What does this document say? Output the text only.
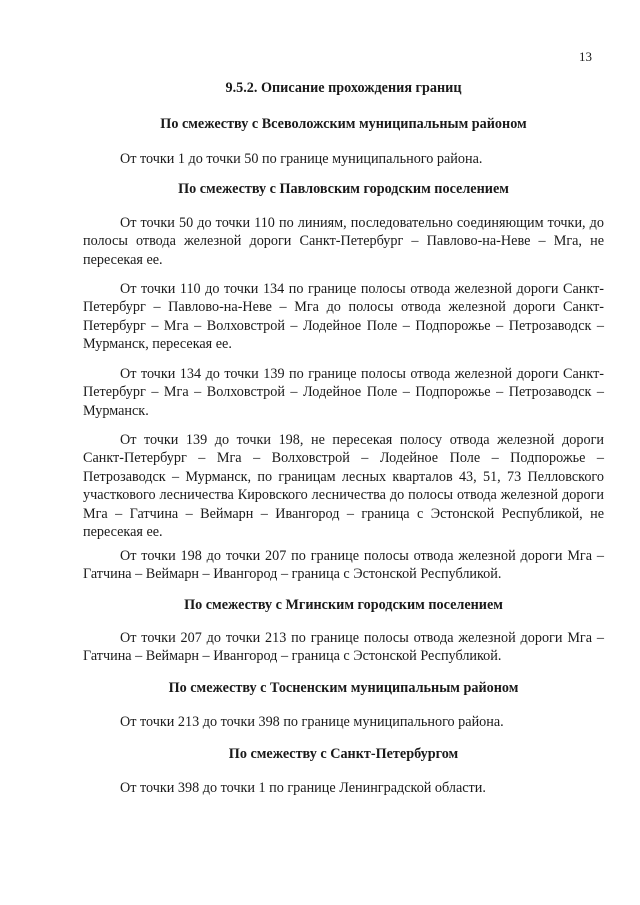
13
9.5.2. Описание прохождения границ
По смежеству с Всеволожским муниципальным районом
От точки 1 до точки 50 по границе муниципального района.
По смежеству с Павловским городским поселением
От точки 50 до точки 110 по линиям, последовательно соединяющим точки, до полосы отвода железной дороги Санкт-Петербург – Павлово-на-Неве – Мга, не пересекая ее.
От точки 110 до точки 134 по границе полосы отвода железной дороги Санкт-Петербург – Павлово-на-Неве – Мга до полосы отвода железной дороги Санкт-Петербург – Мга – Волховстрой – Лодейное Поле – Подпорожье – Петрозаводск – Мурманск, пересекая ее.
От точки 134 до точки 139 по границе полосы отвода железной дороги Санкт-Петербург – Мга – Волховстрой – Лодейное Поле – Подпорожье – Петрозаводск – Мурманск.
От точки 139 до точки 198, не пересекая полосу отвода железной дороги Санкт-Петербург – Мга – Волховстрой – Лодейное Поле – Подпорожье – Петрозаводск – Мурманск, по границам лесных кварталов 43, 51, 73 Пелловского участкового лесничества Кировского лесничества до полосы отвода железной дороги Мга – Гатчина – Веймарн – Ивангород – граница с Эстонской Республикой, не пересекая ее.
От точки 198 до точки 207 по границе полосы отвода железной дороги Мга – Гатчина – Веймарн – Ивангород – граница с Эстонской Республикой.
По смежеству с Мгинским городским поселением
От точки 207 до точки 213 по границе полосы отвода железной дороги Мга – Гатчина – Веймарн – Ивангород – граница с Эстонской Республикой.
По смежеству с Тосненским муниципальным районом
От точки 213 до точки 398 по границе муниципального района.
По смежеству с Санкт-Петербургом
От точки 398 до точки 1 по границе Ленинградской области.
